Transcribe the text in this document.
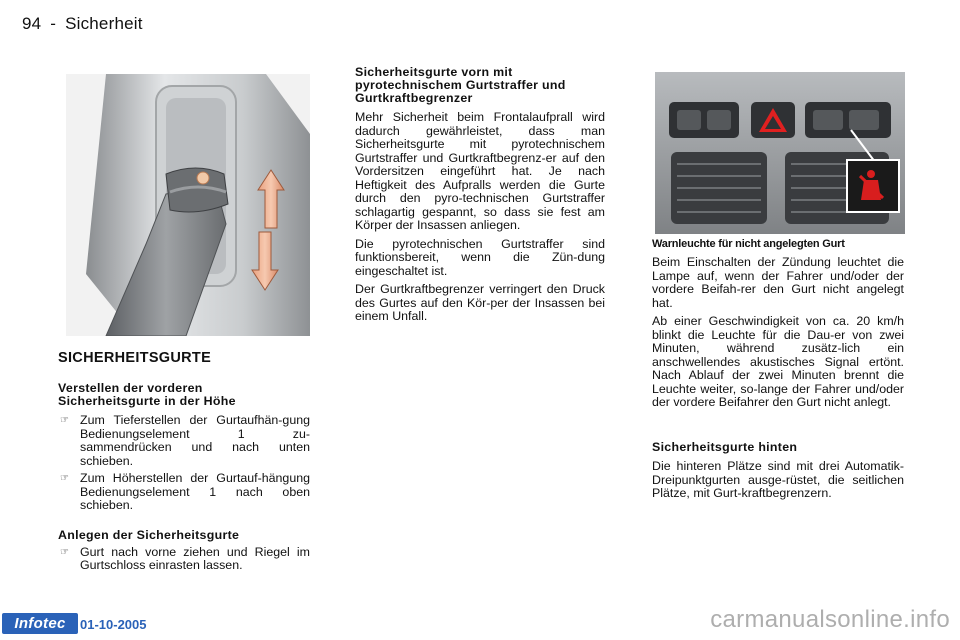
94 - Sicherheit
SICHERHEITSGURTE
Verstellen der vorderen
Sicherheitsgurte in der Höhe
☞ Zum Tieferstellen der Gurtaufhän-gung Bedienungselement 1 zu-sammendrücken und nach unten schieben.
☞ Zum Höherstellen der Gurtauf-hängung Bedienungselement 1 nach oben schieben.
Anlegen der Sicherheitsgurte
☞ Gurt nach vorne ziehen und Riegel im Gurtschloss einrasten lassen.
Sicherheitsgurte vorn mit
pyrotechnischem Gurtstraffer und
Gurtkraftbegrenzer

Mehr Sicherheit beim Frontalaufprall wird dadurch gewährleistet, dass man Sicherheitsgurte mit pyrotechnischem Gurtstraffer und Gurtkraftbegrenz-er auf den Vordersitzen eingeführt hat. Je nach Heftigkeit des Aufpralls werden die Gurte durch den pyro-technischen Gurtstraffer schlagartig gespannt, so dass sie fest am Körper der Insassen anliegen.

Die pyrotechnischen Gurtstraffer sind funktionsbereit, wenn die Zün-dung eingeschaltet ist.

Der Gurtkraftbegrenzer verringert den Druck des Gurtes auf den Kör-per der Insassen bei einem Unfall.

Warnleuchte für nicht angelegten Gurt

Beim Einschalten der Zündung leuchtet die Lampe auf, wenn der Fahrer und/oder der vordere Beifah-rer den Gurt nicht angelegt hat.

Ab einer Geschwindigkeit von ca. 20 km/h blinkt die Leuchte für die Dau-er von zwei Minuten, während zusätz-lich ein anschwellendes akustisches Signal ertönt. Nach Ablauf der zwei Minuten brennt die Leuchte weiter, so-lange der Fahrer und/oder der vordere Beifahrer den Gurt nicht anlegt.

Sicherheitsgurte hinten

Die hinteren Plätze sind mit drei Automatik-Dreipunktgurten ausge-rüstet, die seitlichen Plätze, mit Gurt-kraftbegrenzern.

Infotec	01-10-2005	carmanualsonline.info
